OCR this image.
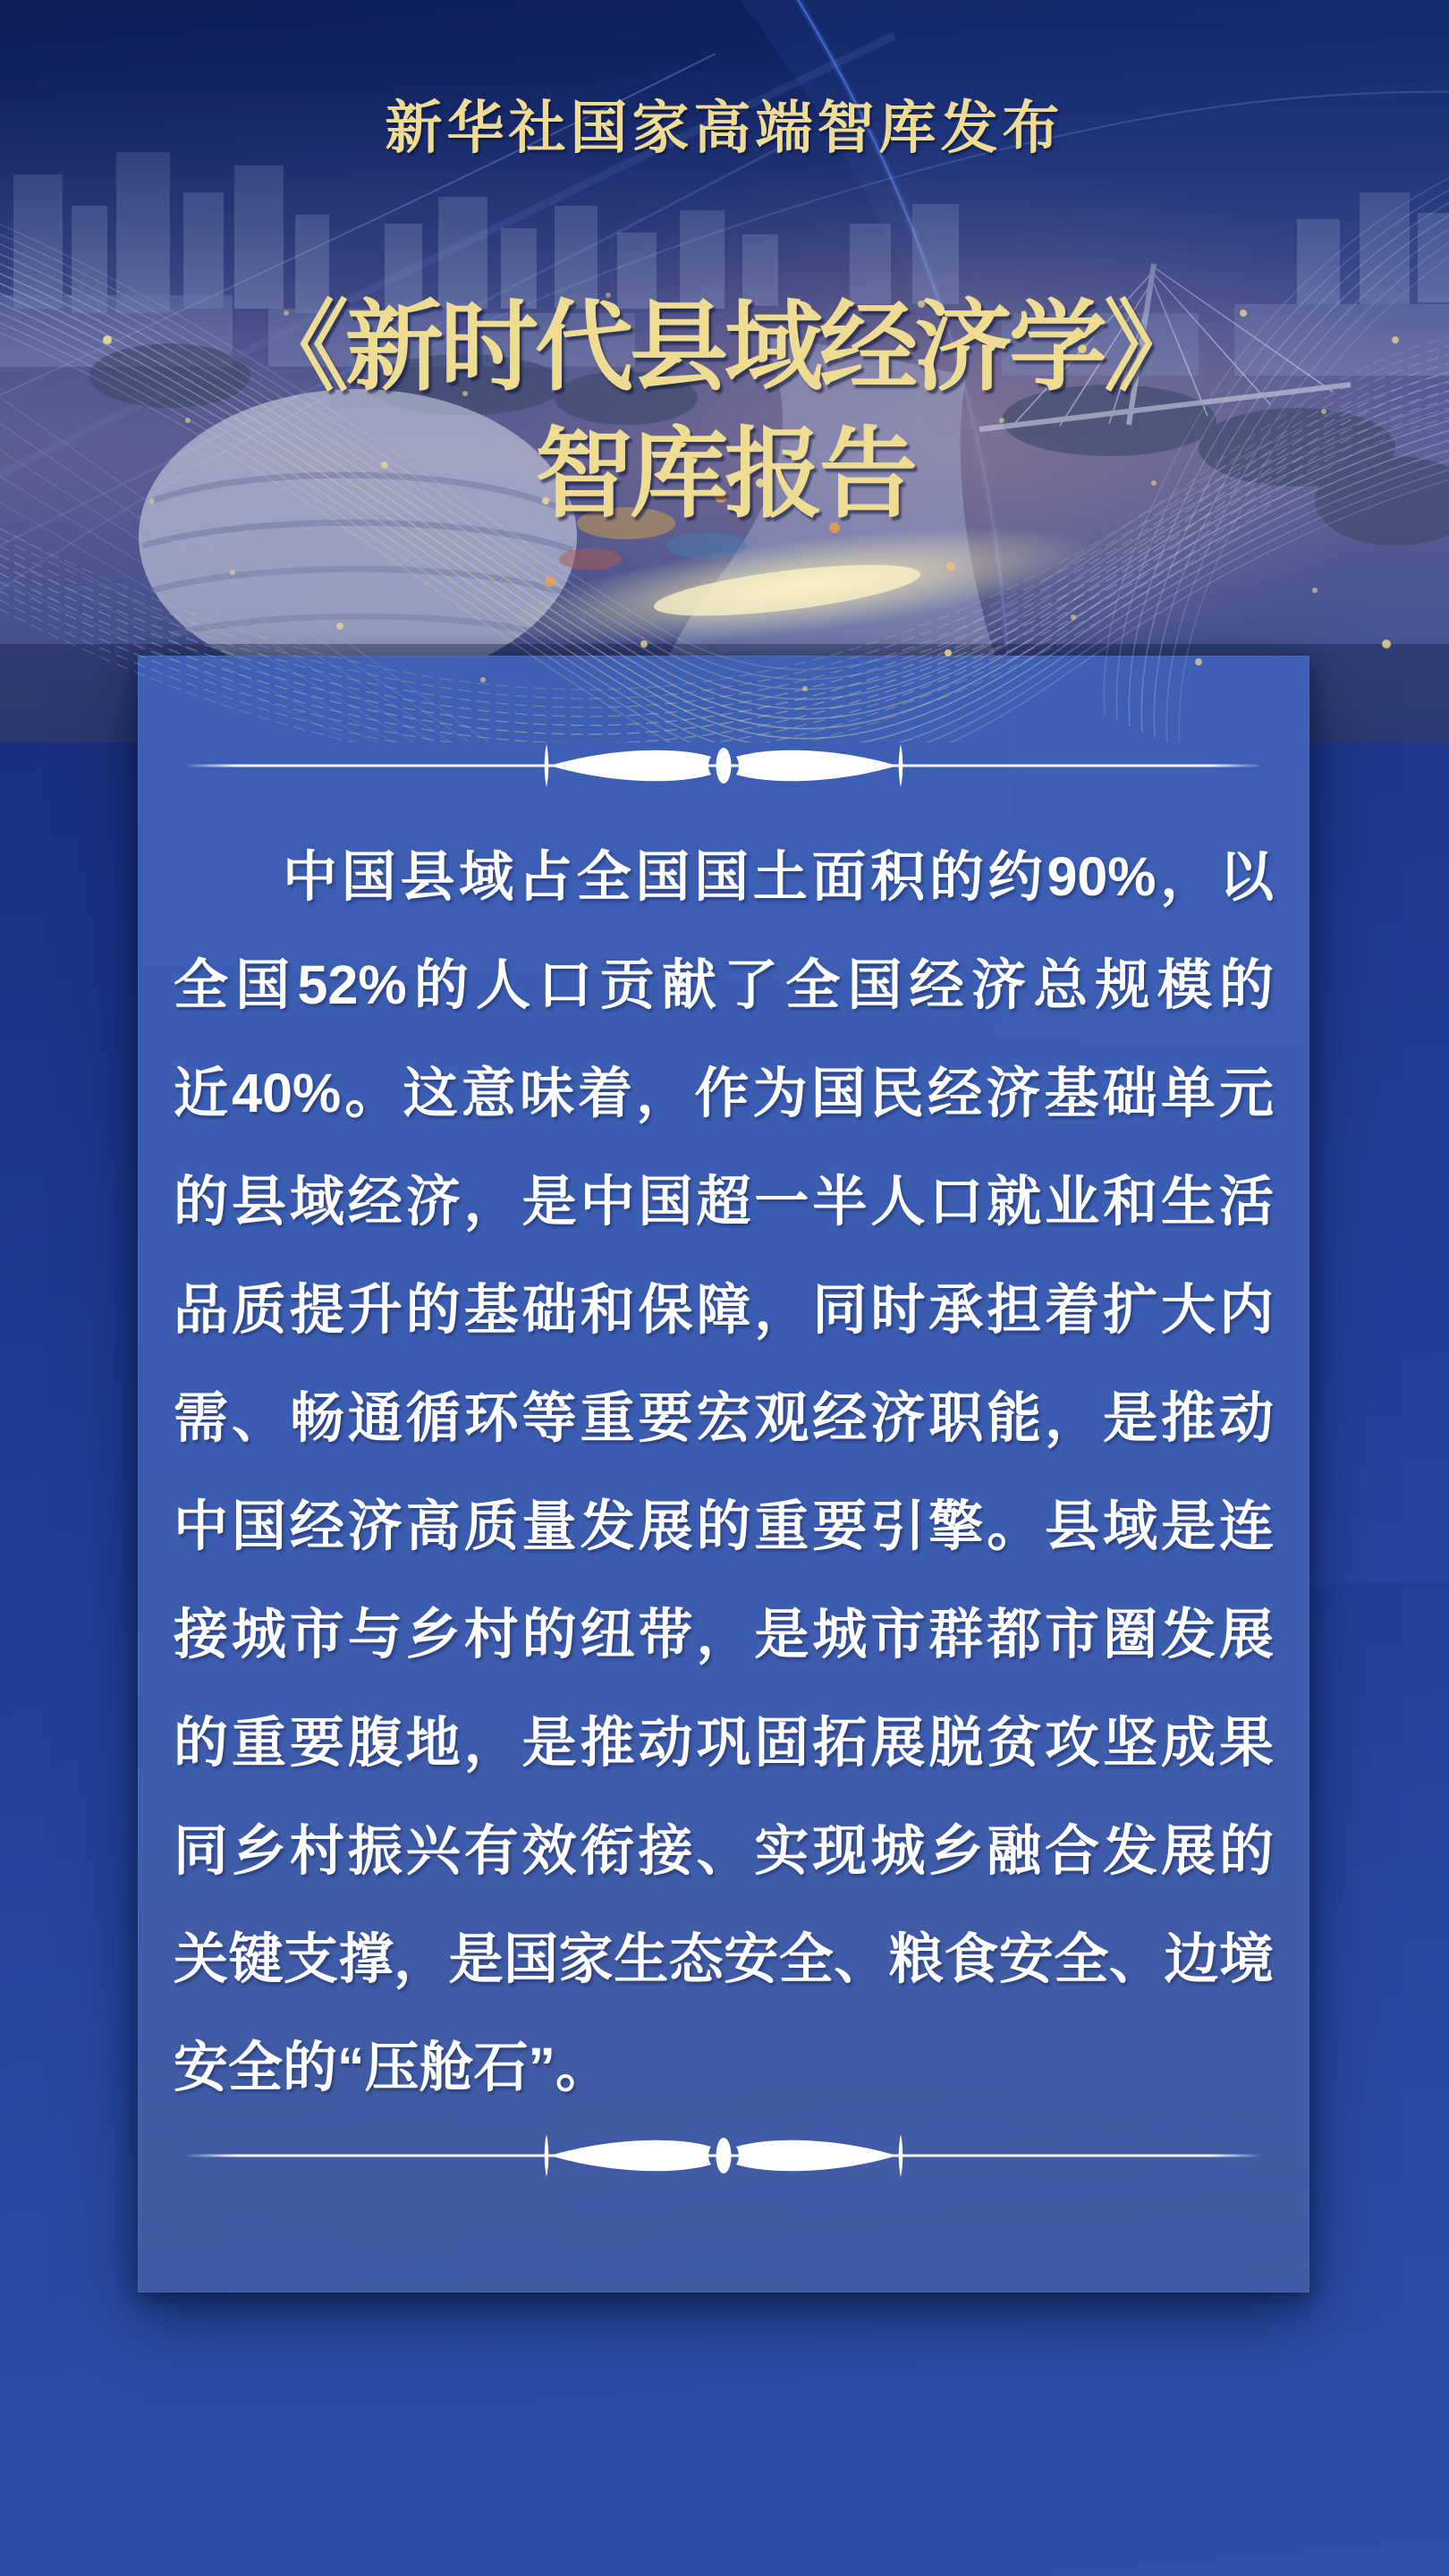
中国县域占全国国土面积的约90%，以
全国52%的人口贡献了全国经济总规模的
近40%。这意味着，作为国民经济基础单元
的县域经济，是中国超一半人口就业和生活
品质提升的基础和保障，同时承担着扩大内
需、畅通循环等重要宏观经济职能，是推动
中国经济高质量发展的重要引擎。县域是连
接城市与乡村的纽带，是城市群都市圈发展
的重要腹地，是推动巩固拓展脱贫攻坚成果
同乡村振兴有效衔接、实现城乡融合发展的
关键支撑，是国家生态安全、粮食安全、边境
安全的“压舱石”。
新华社国家高端智库发布
《新时代县域经济学》
智库报告
